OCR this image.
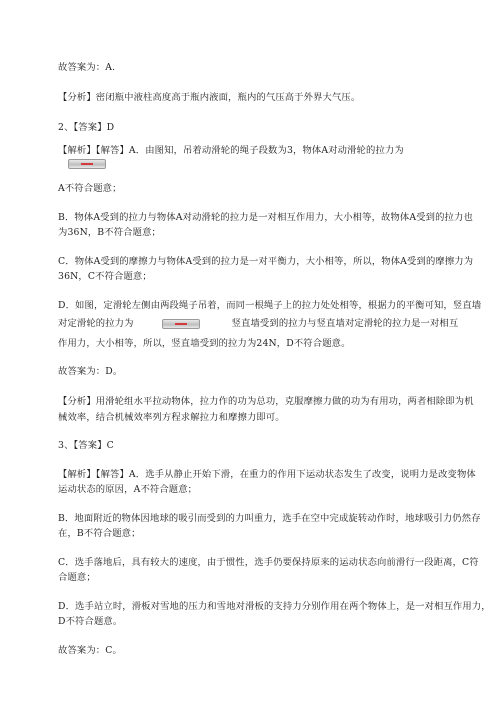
故答案为：A.
【分析】密闭瓶中液柱高度高于瓶内液面，瓶内的气压高于外界大气压。
2、【答案】D
【解析】【解答】A．由图知，吊着动滑轮的绳子段数为3，物体A对动滑轮的拉力为
A不符合题意；
B．物体A受到的拉力与物体A对动滑轮的拉力是一对相互作用力，大小相等，故物体A受到的拉力也
为36N，B不符合题意；
C．物体A受到的摩擦力与物体A受到的拉力是一对平衡力，大小相等，所以，物体A受到的摩擦力为
36N，C不符合题意；
D．如图，定滑轮左侧由两段绳子吊着，而同一根绳子上的拉力处处相等，根据力的平衡可知，竖直墙
对定滑轮的拉力为	竖直墙受到的拉力与竖直墙对定滑轮的拉力是一对相互
作用力，大小相等，所以，竖直墙受到的拉力为24N，D不符合题意。
故答案为：D。
【分析】用滑轮组水平拉动物体，拉力作的功为总功，克服摩擦力做的功为有用功，两者相除即为机
械效率，结合机械效率列方程求解拉力和摩擦力即可。
3、【答案】C
【解析】【解答】A．选手从静止开始下滑，在重力的作用下运动状态发生了改变，说明力是改变物体
运动状态的原因，A不符合题意；
B．地面附近的物体因地球的吸引而受到的力叫重力，选手在空中完成旋转动作时，地球吸引力仍然存
在，B不符合题意；
C．选手落地后，具有较大的速度，由于惯性，选手仍要保持原来的运动状态向前滑行一段距离，C符
合题意；
D．选手站立时，滑板对雪地的压力和雪地对滑板的支持力分别作用在两个物体上，是一对相互作用力，
D不符合题意。
故答案为：C。
